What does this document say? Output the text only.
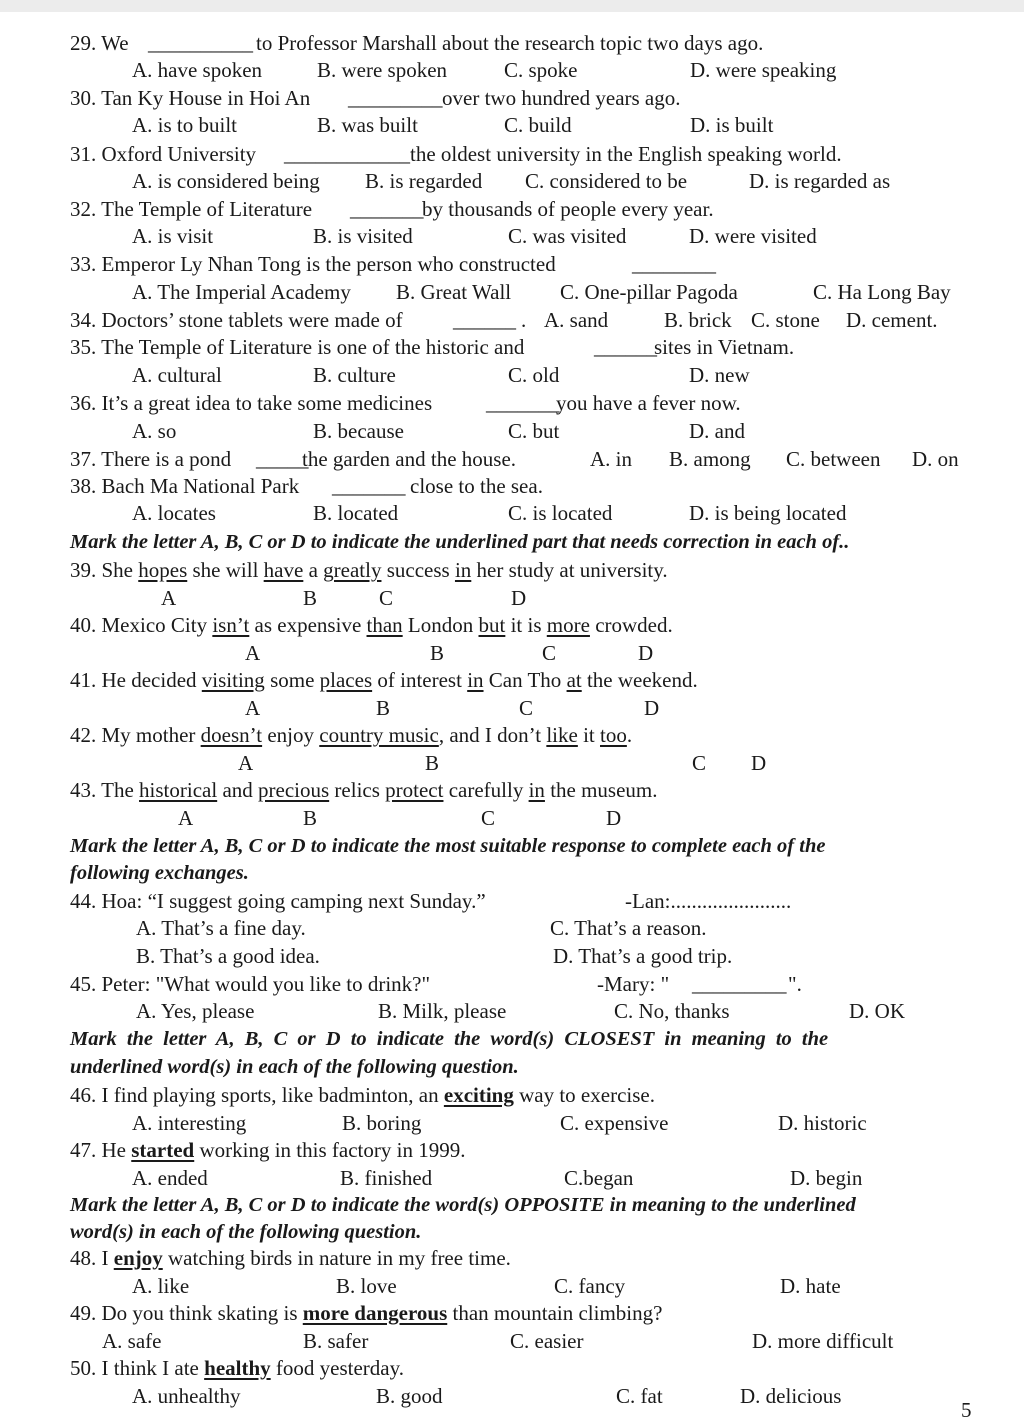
29. We __________ to Professor Marshall about the research topic two days ago.
A. have spoken	B. were spoken	C. spoke	D. were speaking
30. Tan Ky House in Hoi An _________ over two hundred years ago.
A. is to built	B. was built	C. build	D. is built
31. Oxford University ____________ the oldest university in the English speaking world.
A. is considered being B. is regarded C. considered to be	D. is regarded as
32. The Temple of Literature _______
by thousands of people every year.
A. is visit	B. is visited	C. was visited	D. were visited
33. Emperor Ly Nhan Tong is the person who constructed	________
A. The Imperial Academy B. Great Wall C. One-pillar Pagoda	C. Ha Long Bay
34. Doctors’ stone tablets were made of ______ . A. sand	B. brick C. stone D. cement.
35. The Temple of Literature is one of the historic and	______
sites in Vietnam.
A. cultural	B. culture	C. old	D. new
36. It’s a great idea to take some medicines	_______
you have a fever now.
A. so	B. because	C. but	D. and
37. There is a pond _____
the garden and the house.	A. in B. among C. between D. on
38. Bach Ma National Park _______ close to the sea.
A. locates	B. located	C. is located	D. is being located
Mark the letter A, B, C or D to indicate the underlined part that needs correction in each of..
39. She hopes she will have a greatly success in her study at university.
A	B	C	D
40. Mexico City isn’t as expensive than London but it is more crowded.
A	B	C	D
41. He decided visiting some places of interest in Can Tho at the weekend.
A	B	C	D
42. My mother doesn’t enjoy country music, and I don’t like it too.
A	B	C D
43. The historical and precious relics protect carefully in the museum.
A	B	C	D
Mark the letter A, B, C or D to indicate the most suitable response to complete each of the
following exchanges.
44. Hoa: “I suggest going camping next Sunday.”	-Lan:.......................
A. That’s a fine day.	C. That’s a reason.
B. That’s a good idea.	D. That’s a good trip.
45. Peter: "What would you like to drink?"	-Mary: " _________ ".
A. Yes, please	B. Milk, please	C. No, thanks	D. OK
Mark the letter A, B, C or D to indicate the word(s) CLOSEST in meaning to the
underlined word(s) in each of the following question.
46. I find playing sports, like badminton, an exciting way to exercise.
A. interesting	B. boring	C. expensive	D. historic
47. He started working in this factory in 1999.
A. ended	B. finished	C.began	D. begin
Mark the letter A, B, C or D to indicate the word(s) OPPOSITE in meaning to the underlined
word(s) in each of the following question.
48. I enjoy watching birds in nature in my free time.
A. like	B. love	C. fancy	D. hate
49. Do you think skating is more dangerous than mountain climbing?
A. safe	B. safer	C. easier	D. more difficult
50. I think I ate healthy food yesterday.
A. unhealthy	B. good	C. fat	D. delicious
5
